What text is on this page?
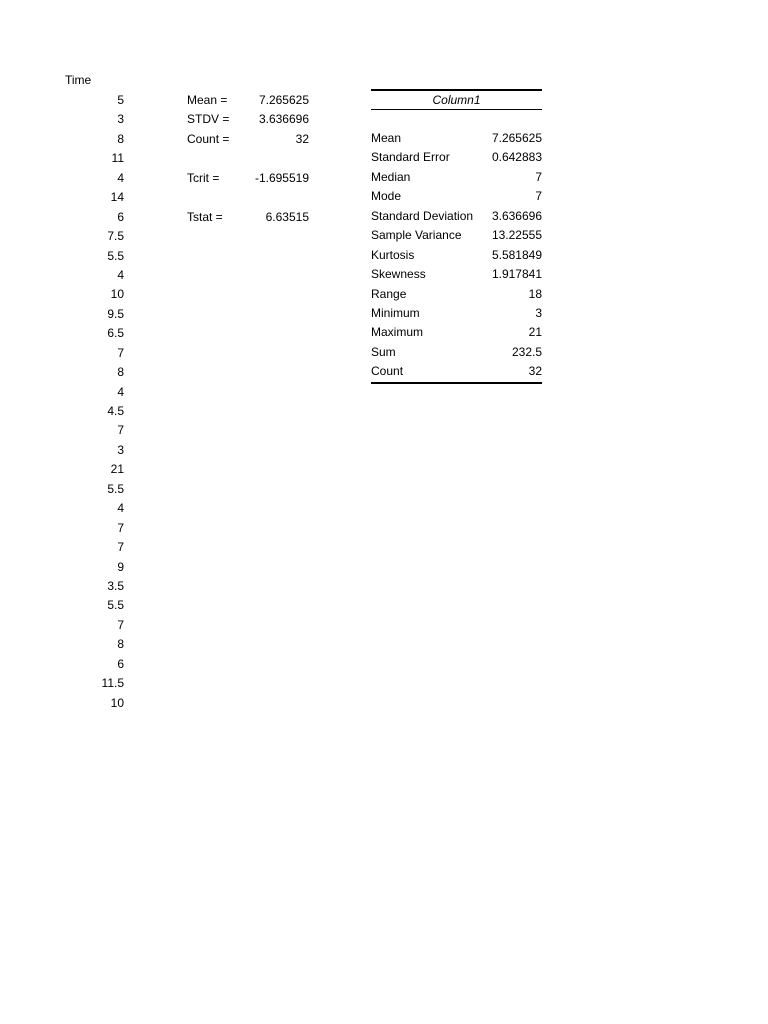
Time
5
3
8
11
4
14
6
7.5
5.5
4
10
9.5
6.5
7
8
4
4.5
7
3
21
5.5
4
7
7
9
3.5
5.5
7
8
6
11.5
10
Mean =	7.265625
STDV = 3.636696
Count =	32
Tcrit =	-1.695519
Tstat =	6.63515
Column1
Mean	7.265625
Standard Error	0.642883
Median	7
Mode	7
Standard Deviation	3.636696
Sample Variance	13.22555
Kurtosis	5.581849
Skewness	1.917841
Range	18
Minimum	3
Maximum	21
Sum	232.5
Count	32
